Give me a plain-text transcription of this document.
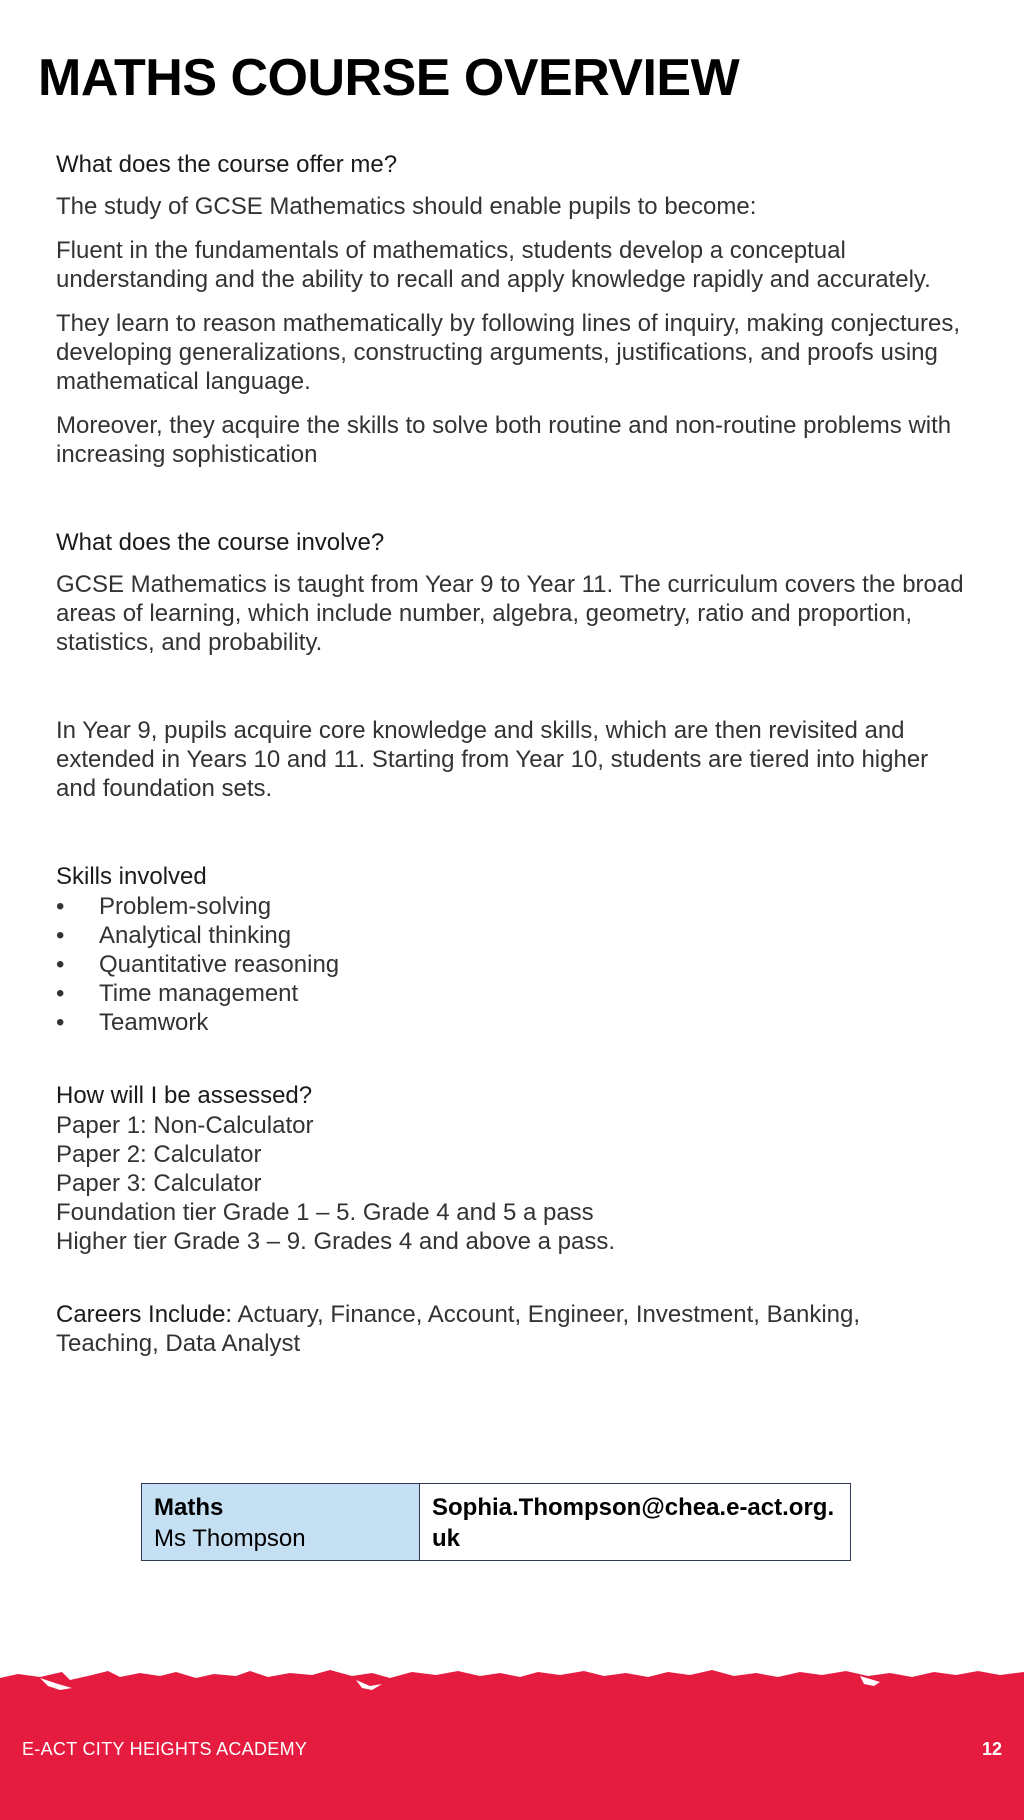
MATHS COURSE OVERVIEW
What does the course offer me?

The study of GCSE Mathematics should enable pupils to become:

Fluent in the fundamentals of mathematics, students develop a conceptual understanding and the ability to recall and apply knowledge rapidly and accurately.

They learn to reason mathematically by following lines of inquiry, making conjectures, developing generalizations, constructing arguments, justifications, and proofs using mathematical language.

Moreover, they acquire the skills to solve both routine and non-routine problems with increasing sophistication

What does the course involve?

GCSE Mathematics is taught from Year 9 to Year 11. The curriculum covers the broad areas of learning, which include number, algebra, geometry, ratio and proportion, statistics, and probability.

In Year 9, pupils acquire core knowledge and skills, which are then revisited and extended in Years 10 and 11. Starting from Year 10, students are tiered into higher and foundation sets.

Skills involved
• Problem-solving
• Analytical thinking
• Quantitative reasoning
• Time management
• Teamwork
How will I be assessed?
Paper 1: Non-Calculator
Paper 2: Calculator
Paper 3: Calculator
Foundation tier Grade 1 – 5. Grade 4 and 5 a pass
Higher tier Grade 3 – 9. Grades 4 and above a pass.
Careers Include: Actuary, Finance, Account, Engineer, Investment, Banking, Teaching, Data Analyst
Maths
Ms Thompson
Sophia.Thompson@chea.e-act.org.uk
E-ACT CITY HEIGHTS ACADEMY	12
